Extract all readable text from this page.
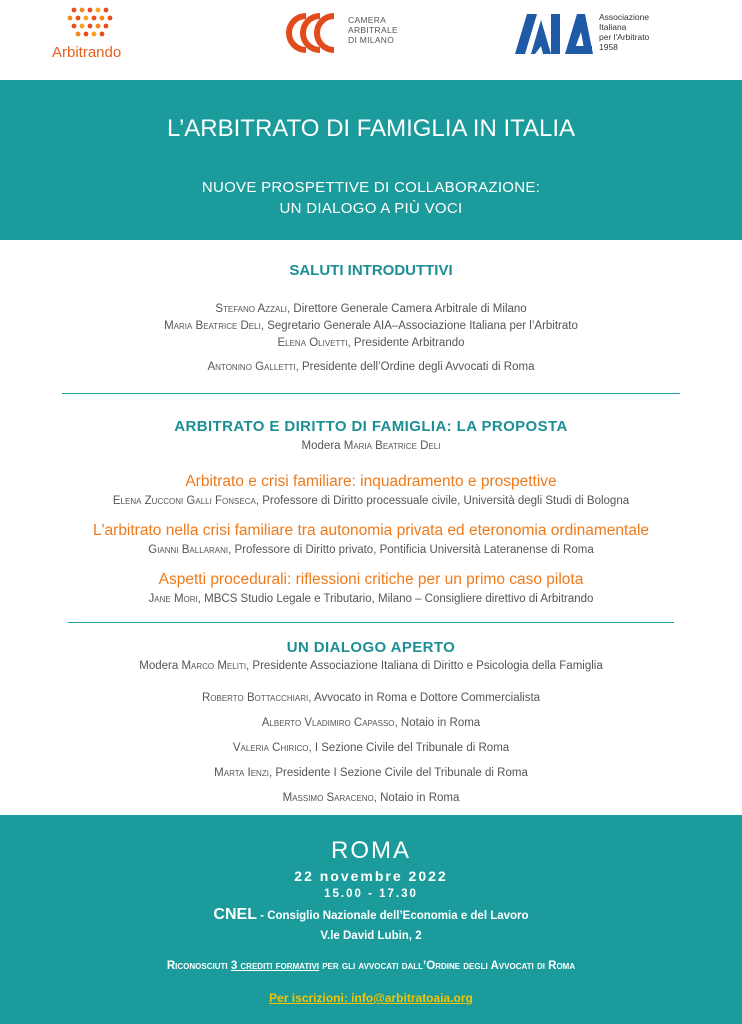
Arbitrando
CAMERA
ARBITRALE
DI MILANO
Associazione
Italiana
per l'Arbitrato
1958
L’ARBITRATO DI FAMIGLIA IN ITALIA
NUOVE PROSPETTIVE DI COLLABORAZIONE:
UN DIALOGO A PIÙ VOCI
SALUTI INTRODUTTIVI
Stefano Azzali, Direttore Generale Camera Arbitrale di Milano
Maria Beatrice Deli, Segretario Generale AIA–Associazione Italiana per l’Arbitrato
Elena Olivetti, Presidente Arbitrando
Antonino Galletti, Presidente dell’Ordine degli Avvocati di Roma
ARBITRATO E DIRITTO DI FAMIGLIA: LA PROPOSTA
Modera Maria Beatrice Deli
Arbitrato e crisi familiare: inquadramento e prospettive
Elena Zucconi Galli Fonseca, Professore di Diritto processuale civile, Università degli Studi di Bologna
L'arbitrato nella crisi familiare tra autonomia privata ed eteronomia ordinamentale
Gianni Ballarani, Professore di Diritto privato, Pontificia Università Lateranense di Roma
Aspetti procedurali: riflessioni critiche per un primo caso pilota
Jane Mori, MBCS Studio Legale e Tributario, Milano – Consigliere direttivo di Arbitrando
UN DIALOGO APERTO
Modera Marco Meliti, Presidente Associazione Italiana di Diritto e Psicologia della Famiglia
Roberto Bottacchiari, Avvocato in Roma e Dottore Commercialista
Alberto Vladimiro Capasso, Notaio in Roma
Valeria Chirico, I Sezione Civile del Tribunale di Roma
Marta Ienzi, Presidente I Sezione Civile del Tribunale di Roma
Massimo Saraceno, Notaio in Roma
ROMA
22 novembre 2022
15.00 - 17.30
CNEL - Consiglio Nazionale dell’Economia e del Lavoro
V.le David Lubin, 2
Riconosciuti 3 crediti formativi per gli avvocati dall’Ordine degli Avvocati di Roma
Per iscrizioni: info@arbitratoaia.org
